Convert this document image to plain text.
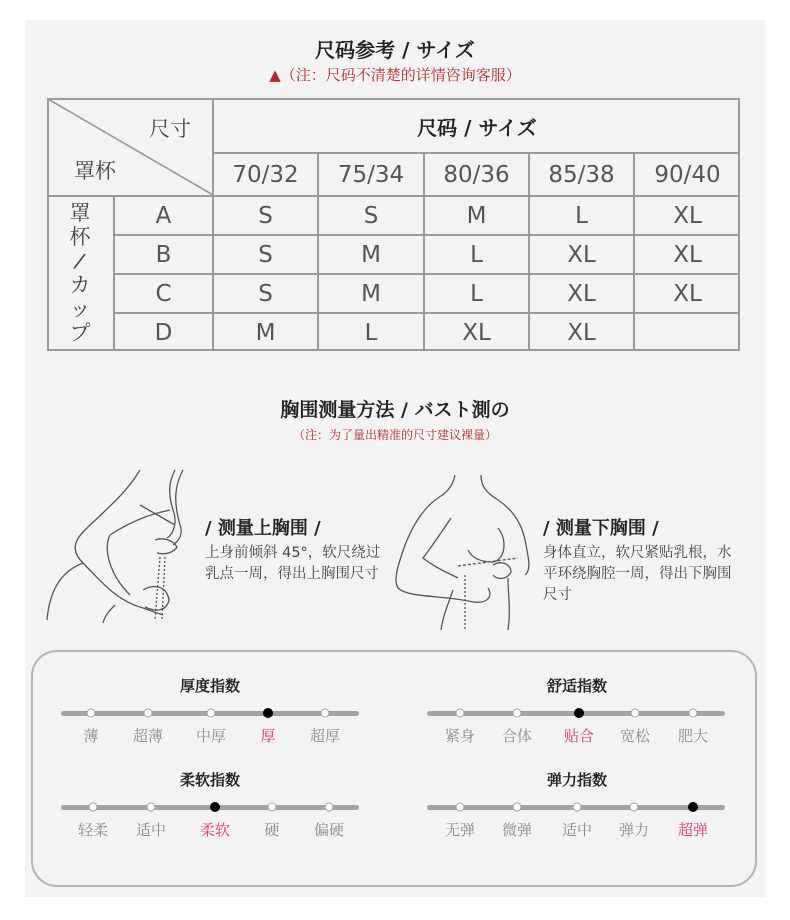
尺码参考 / サイズ
▲（注：尺码不清楚的详情咨询客服）
尺寸
罩杯
尺码 / サイズ
70/32	75/34	80/36	85/38	90/40
罩
杯
/
カ
ッ
プ
A	S	S	M	L	XL
B	S	M	L	XL	XL
C	S	M	L	XL	XL
D	M	L	XL	XL
胸围测量方法 / バスト測の
（注：为了量出精准的尺寸建议裸量）
/ 测量上胸围 /
上身前倾斜 45°，软尺绕过乳点一周，得出上胸围尺寸
/ 测量下胸围 /
身体直立，软尺紧贴乳根，水平环绕胸腔一周，得出下胸围尺寸
厚度指数
薄 超薄 中厚 厚 超厚
舒适指数
紧身 合体 贴合 宽松 肥大
柔软指数
轻柔 适中 柔软 硬 偏硬
弹力指数
无弹 微弹 适中 弹力 超弹
